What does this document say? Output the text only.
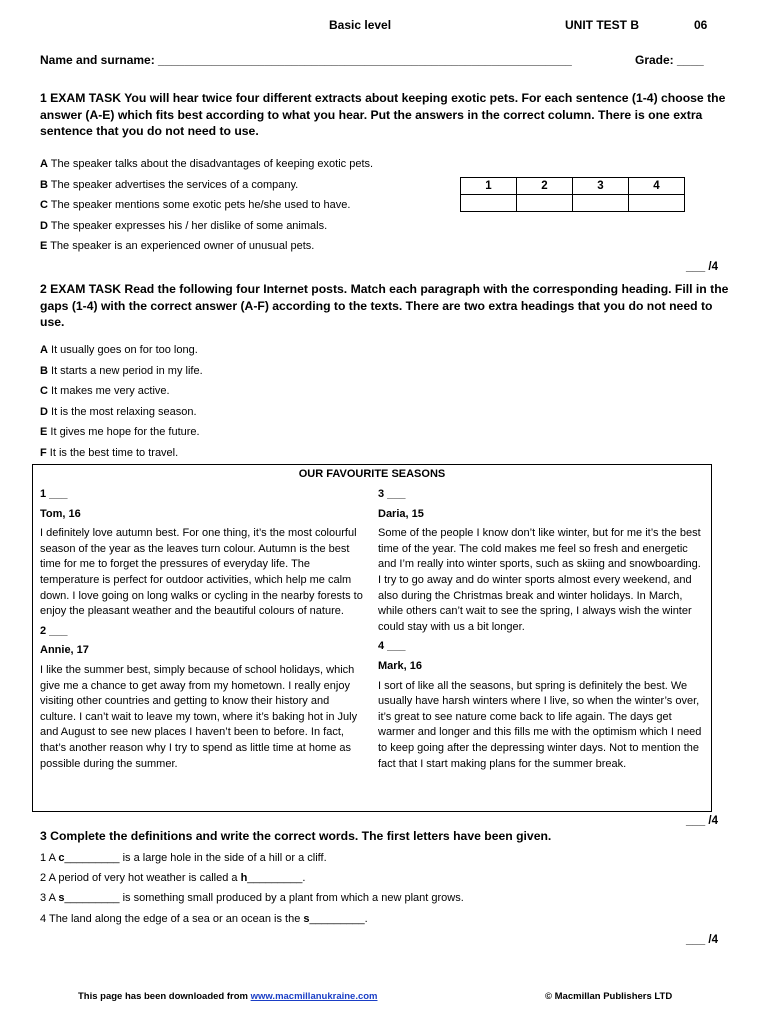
Basic level	UNIT TEST B	06
Name and surname: ______________________________________________________________	Grade: ____
1 EXAM TASK You will hear twice four different extracts about keeping exotic pets. For each sentence (1-4) choose the answer (A-E) which fits best according to what you hear. Put the answers in the correct column. There is one extra sentence that you do not need to use.
A The speaker talks about the disadvantages of keeping exotic pets.
B The speaker advertises the services of a company.
C The speaker mentions some exotic pets he/she used to have.
D The speaker expresses his / her dislike of some animals.
E The speaker is an experienced owner of unusual pets.
1	2	3	4

___ /4
2 EXAM TASK Read the following four Internet posts. Match each paragraph with the corresponding heading. Fill in the gaps (1-4) with the correct answer (A-F) according to the texts. There are two extra headings that you do not need to use.
A It usually goes on for too long.
B It starts a new period in my life.
C It makes me very active.
D It is the most relaxing season.
E It gives me hope for the future.
F It is the best time to travel.
OUR FAVOURITE SEASONS
1 ___
Tom, 16

I definitely love autumn best. For one thing, it’s the most colourful season of the year as the leaves turn colour. Autumn is the best time for me to forget the pressures of everyday life. The temperature is perfect for outdoor activities, which help me calm down. I love going on long walks or cycling in the nearby forests to enjoy the pleasant weather and the beautiful colours of nature.

2 ___
Annie, 17

I like the summer best, simply because of school holidays, which give me a chance to get away from my hometown. I really enjoy visiting other countries and getting to know their history and culture. I can’t wait to leave my town, where it’s baking hot in July and August to see new places I haven’t been to before. In fact, that’s another reason why I try to spend as little time at home as possible during the summer.

3 ___
Daria, 15

Some of the people I know don’t like winter, but for me it’s the best time of the year. The cold makes me feel so fresh and energetic and I’m really into winter sports, such as skiing and snowboarding. I try to go away and do winter sports almost every weekend, and also during the Christmas break and winter holidays. In March, while others can’t wait to see the spring, I always wish the winter could stay with us a bit longer.

4 ___
Mark, 16

I sort of like all the seasons, but spring is definitely the best. We usually have harsh winters where I live, so when the winter’s over, it’s great to see nature come back to life again. The days get warmer and longer and this fills me with the optimism which I need to keep going after the depressing winter days. Not to mention the fact that I start making plans for the summer break.

___ /4
3 Complete the definitions and write the correct words. The first letters have been given.
1 A c_________ is a large hole in the side of a hill or a cliff.
2 A period of very hot weather is called a h_________.
3 A s_________ is something small produced by a plant from which a new plant grows.
4 The land along the edge of a sea or an ocean is the s_________.
___ /4
This page has been downloaded from www.macmillanukraine.com	© Macmillan Publishers LTD
